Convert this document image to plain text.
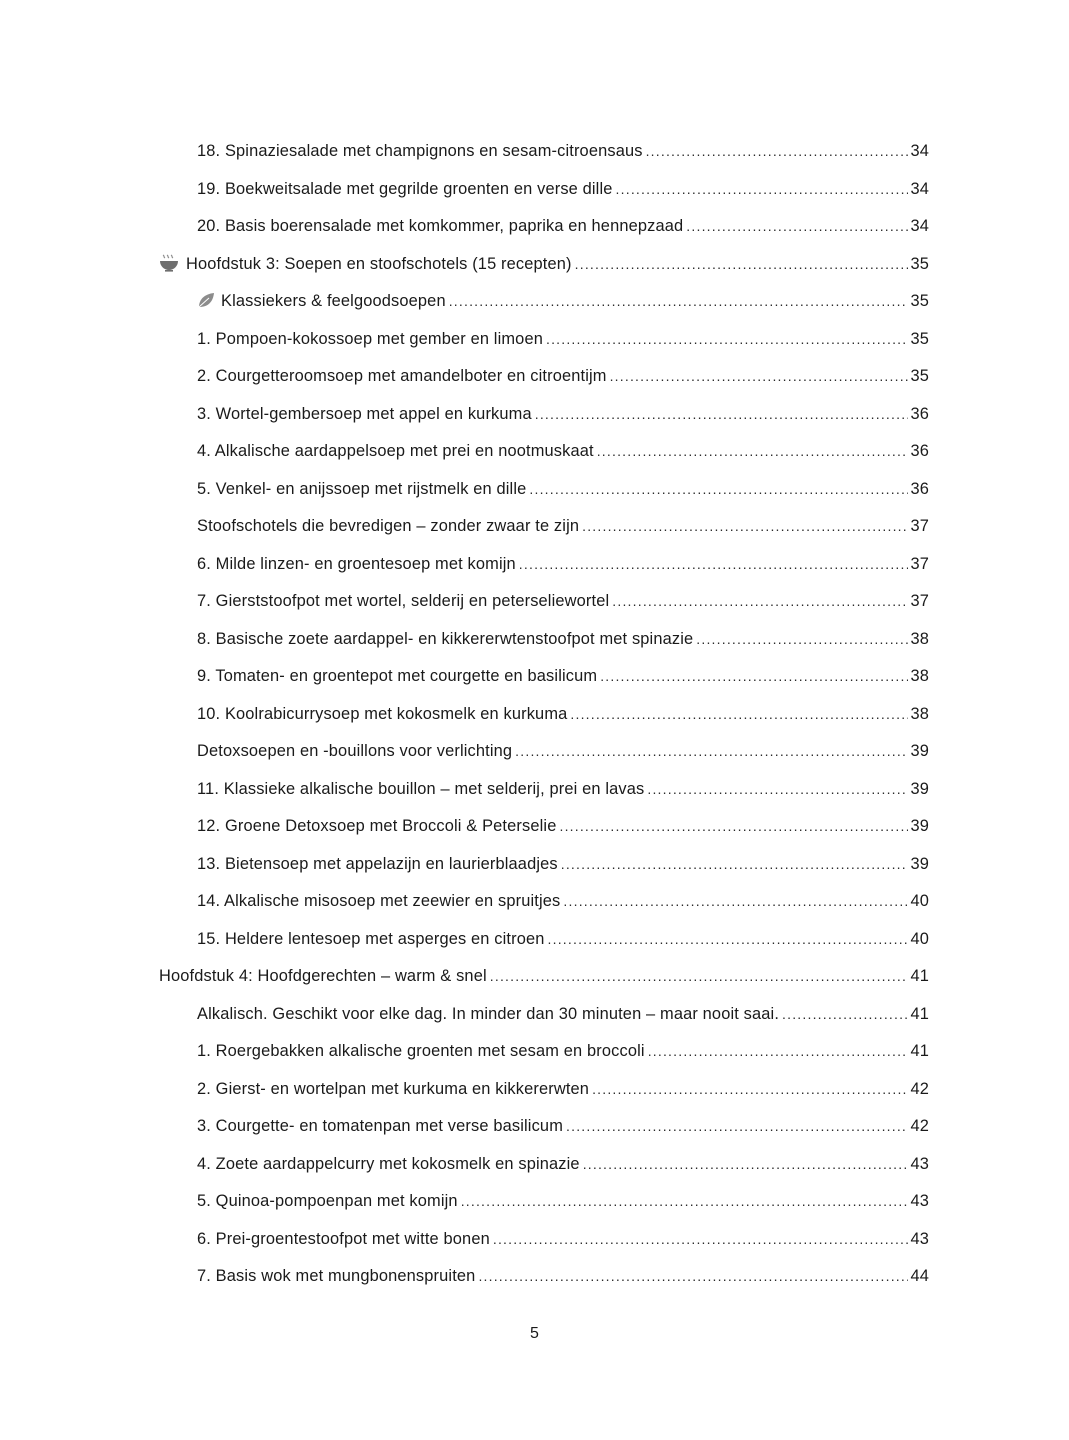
18. Spinaziesalade met champignons en sesam-citroensaus .....	34
19. Boekweitsalade met gegrilde groenten en verse dille .....	34
20. Basis boerensalade met komkommer, paprika en hennepzaad .....	34
Hoofdstuk 3: Soepen en stoofschotels (15 recepten) .....	35
Klassiekers & feelgoodsoepen .....	35
1. Pompoen-kokossoep met gember en limoen .....	35
2. Courgetteroomsoep met amandelboter en citroentijm .....	35
3. Wortel-gembersoep met appel en kurkuma .....	36
4. Alkalische aardappelsoep met prei en nootmuskaat .....	36
5. Venkel- en anijssoep met rijstmelk en dille .....	36
Stoofschotels die bevredigen – zonder zwaar te zijn .....	37
6. Milde linzen- en groentesoep met komijn .....	37
7. Gierststoofpot met wortel, selderij en peterseliewortel .....	37
8. Basische zoete aardappel- en kikkererwtenstoofpot met spinazie .....	38
9. Tomaten- en groentepot met courgette en basilicum .....	38
10. Koolrabicurrysoep met kokosmelk en kurkuma .....	38
Detoxsoepen en -bouillons voor verlichting .....	39
11. Klassieke alkalische bouillon – met selderij, prei en lavas .....	39
12. Groene Detoxsoep met Broccoli & Peterselie .....	39
13. Bietensoep met appelazijn en laurierblaadjes .....	39
14. Alkalische misosoep met zeewier en spruitjes .....	40
15. Heldere lentesoep met asperges en citroen .....	40
Hoofdstuk 4: Hoofdgerechten – warm & snel .....	41
Alkalisch. Geschikt voor elke dag. In minder dan 30 minuten – maar nooit saai. .....	41
1. Roergebakken alkalische groenten met sesam en broccoli .....	41
2. Gierst- en wortelpan met kurkuma en kikkererwten .....	42
3. Courgette- en tomatenpan met verse basilicum .....	42
4. Zoete aardappelcurry met kokosmelk en spinazie .....	43
5. Quinoa-pompoenpan met komijn .....	43
6. Prei-groentestoofpot met witte bonen .....	43
7. Basis wok met mungbonenspruiten .....	44
5
